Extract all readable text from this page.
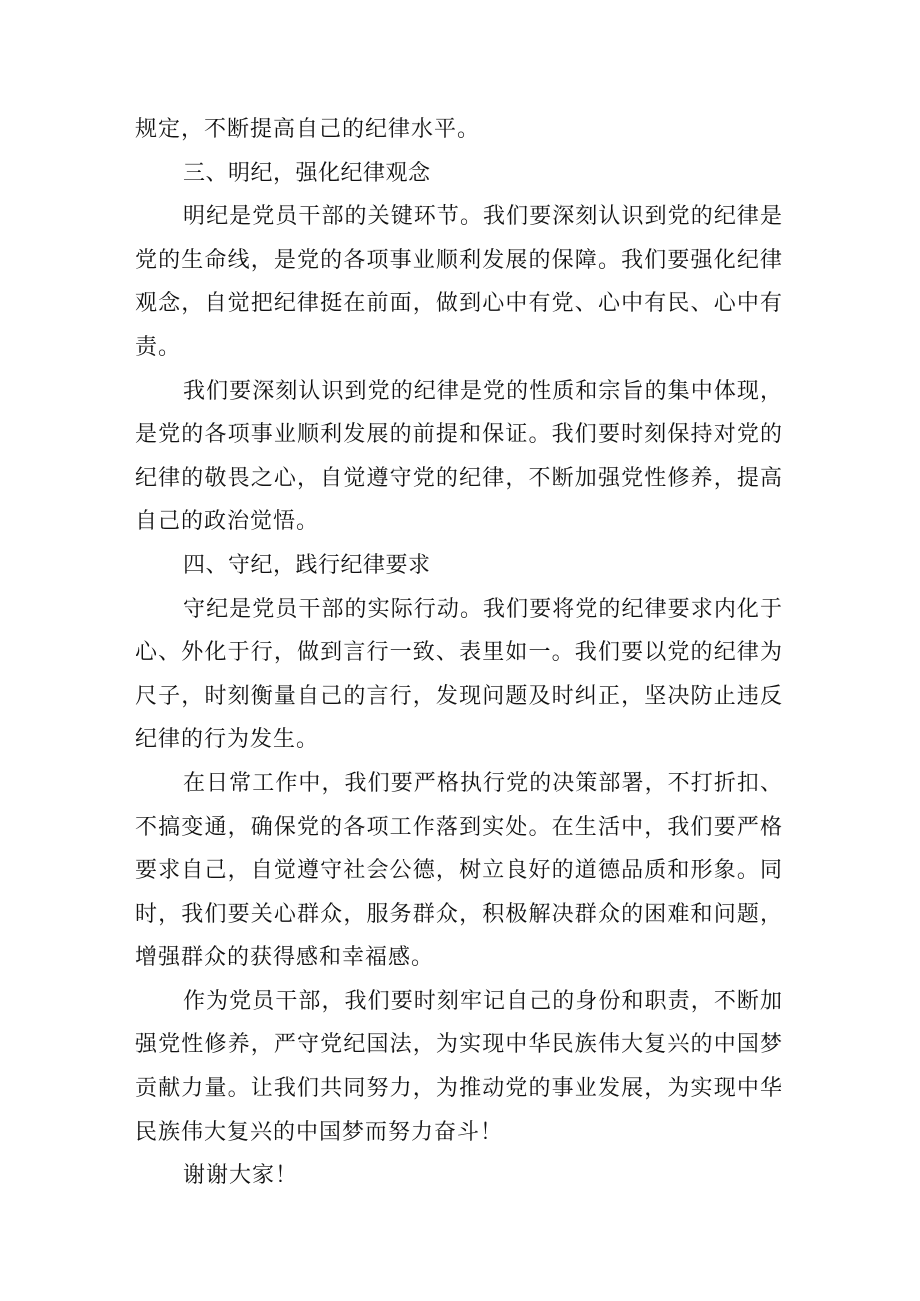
规定，不断提高自己的纪律水平。

三、明纪，强化纪律观念

明纪是党员干部的关键环节。我们要深刻认识到党的纪律是党的生命线，是党的各项事业顺利发展的保障。我们要强化纪律观念，自觉把纪律挺在前面，做到心中有党、心中有民、心中有责。

我们要深刻认识到党的纪律是党的性质和宗旨的集中体现，是党的各项事业顺利发展的前提和保证。我们要时刻保持对党的纪律的敬畏之心，自觉遵守党的纪律，不断加强党性修养，提高自己的政治觉悟。

四、守纪，践行纪律要求

守纪是党员干部的实际行动。我们要将党的纪律要求内化于心、外化于行，做到言行一致、表里如一。我们要以党的纪律为尺子，时刻衡量自己的言行，发现问题及时纠正，坚决防止违反纪律的行为发生。

在日常工作中，我们要严格执行党的决策部署，不打折扣、不搞变通，确保党的各项工作落到实处。在生活中，我们要严格要求自己，自觉遵守社会公德，树立良好的道德品质和形象。同时，我们要关心群众，服务群众，积极解决群众的困难和问题，增强群众的获得感和幸福感。

作为党员干部，我们要时刻牢记自己的身份和职责，不断加强党性修养，严守党纪国法，为实现中华民族伟大复兴的中国梦贡献力量。让我们共同努力，为推动党的事业发展，为实现中华民族伟大复兴的中国梦而努力奋斗！

谢谢大家！
